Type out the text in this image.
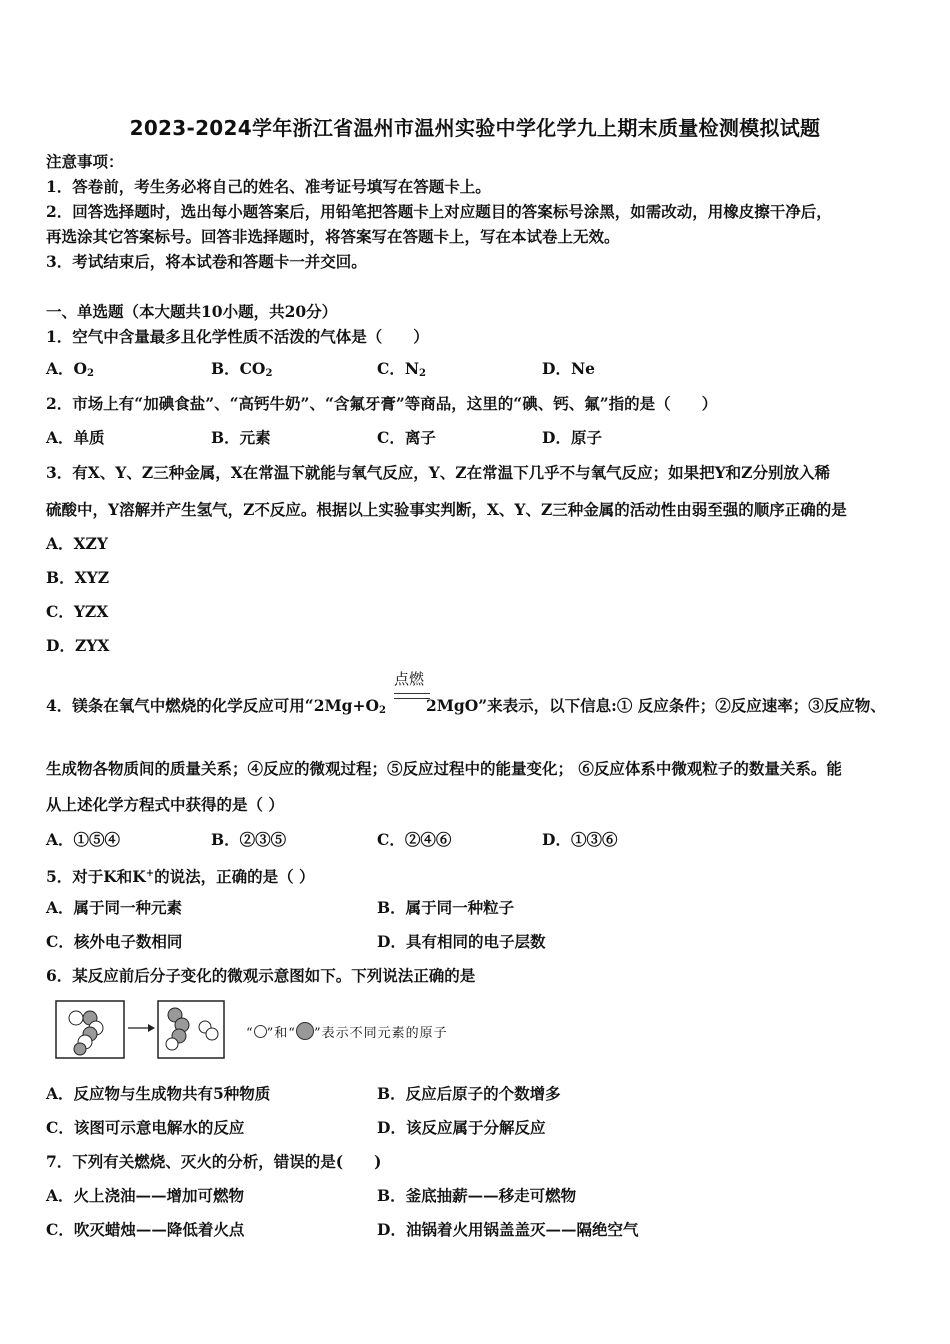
2023-2024学年浙江省温州市温州实验中学化学九上期末质量检测模拟试题
注意事项：
1．答卷前，考生务必将自己的姓名、准考证号填写在答题卡上。
2．回答选择题时，选出每小题答案后，用铅笔把答题卡上对应题目的答案标号涂黑，如需改动，用橡皮擦干净后，
再选涂其它答案标号。回答非选择题时，将答案写在答题卡上，写在本试卷上无效。
3．考试结束后，将本试卷和答题卡一并交回。
一、单选题（本大题共10小题，共20分）
1．空气中含量最多且化学性质不活泼的气体是（　　）
A．$O_2$	B．$CO_2$	C．$N_2$	D．Ne
2．市场上有“加碘食盐”、“高钙牛奶”、“含氟牙膏”等商品，这里的“碘、钙、氟”指的是（　　）
A．单质	B．元素	C．离子	D．原子
3．有X、Y、Z三种金属，X在常温下就能与氧气反应，Y、Z在常温下几乎不与氧气反应；如果把Y和Z分别放入稀
硫酸中，Y溶解并产生氢气，Z不反应。根据以上实验事实判断，X、Y、Z三种金属的活动性由弱至强的顺序正确的是
A．XZY
B．XYZ
C．YZX
D．ZYX
点燃
4．镁条在氧气中燃烧的化学反应可用“$2Mg+O_2$	2MgO”来表示，以下信息:① 反应条件；②反应速率；③反应物、
生成物各物质间的质量关系；④反应的微观过程；⑤反应过程中的能量变化； ⑥反应体系中微观粒子的数量关系。能
从上述化学方程式中获得的是（ ）
A．①⑤④	B．②③⑤	C．②④⑥	D．①③⑥
5．对于K和K+的说法，正确的是（ ）
A．属于同一种元素	B．属于同一种粒子
C．核外电子数相同	D．具有相同的电子层数
6．某反应前后分子变化的微观示意图如下。下列说法正确的是
“ ”和“ ”表示不同元素的原子
A．反应物与生成物共有5种物质	B．反应后原子的个数增多
C．该图可示意电解水的反应	D．该反应属于分解反应
7．下列有关燃烧、灭火的分析，错误的是(　　)
A．火上浇油——增加可燃物	B．釜底抽薪——移走可燃物
C．吹灭蜡烛——降低着火点	D．油锅着火用锅盖盖灭——隔绝空气
